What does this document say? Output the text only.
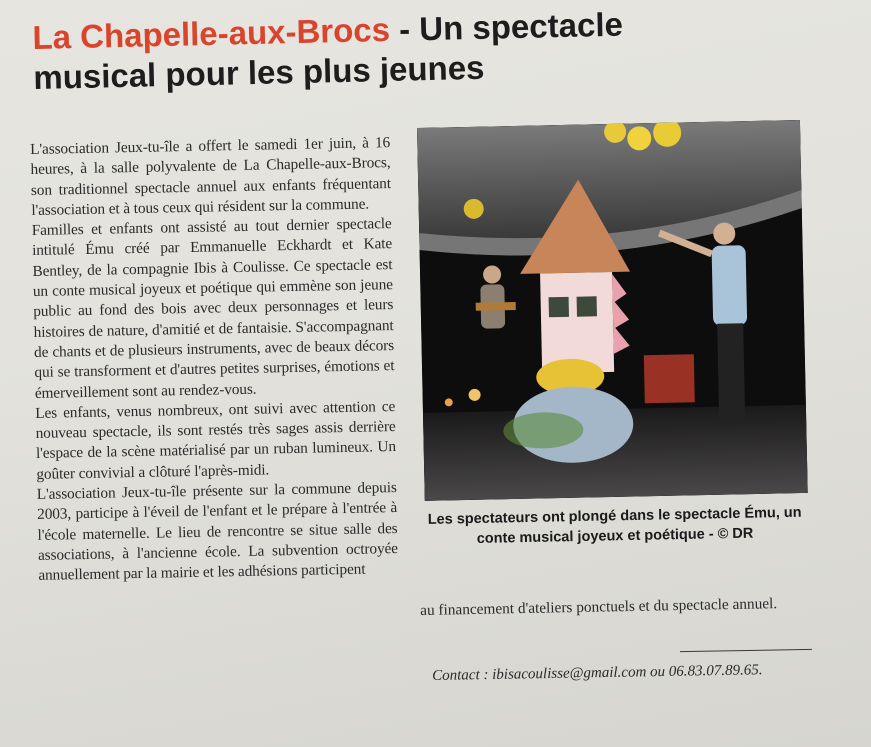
La Chapelle-aux-Brocs - Un spectacle
musical pour les plus jeunes

L'association Jeux-tu-île a offert le samedi 1er juin, à 16 heures, à la salle polyvalente de La Chapelle-aux-Brocs, son traditionnel spectacle annuel aux enfants fréquentant l'association et à tous ceux qui résident sur la commune.

Familles et enfants ont assisté au tout dernier spectacle intitulé Ému créé par Emmanuelle Eckhardt et Kate Bentley, de la compagnie Ibis à Coulisse. Ce spectacle est un conte musical joyeux et poétique qui emmène son jeune public au fond des bois avec deux personnages et leurs histoires de nature, d'amitié et de fantaisie. S'accompagnant de chants et de plusieurs instruments, avec de beaux décors qui se transforment et d'autres petites surprises, émotions et émerveillement sont au rendez-vous.

Les enfants, venus nombreux, ont suivi avec attention ce nouveau spectacle, ils sont restés très sages assis derrière l'espace de la scène matérialisé par un ruban lumineux. Un goûter convivial a clôturé l'après-midi.

L'association Jeux-tu-île présente sur la commune depuis 2003, participe à l'éveil de l'enfant et le prépare à l'entrée à l'école maternelle. Le lieu de rencontre se situe salle des associations, à l'ancienne école. La subvention octroyée annuellement par la mairie et les adhésions participent

Les spectateurs ont plongé dans le spectacle Ému, un conte musical joyeux et poétique - © DR

au financement d'ateliers ponctuels et du spectacle annuel.

Contact : ibisacoulisse@gmail.com ou 06.83.07.89.65.
